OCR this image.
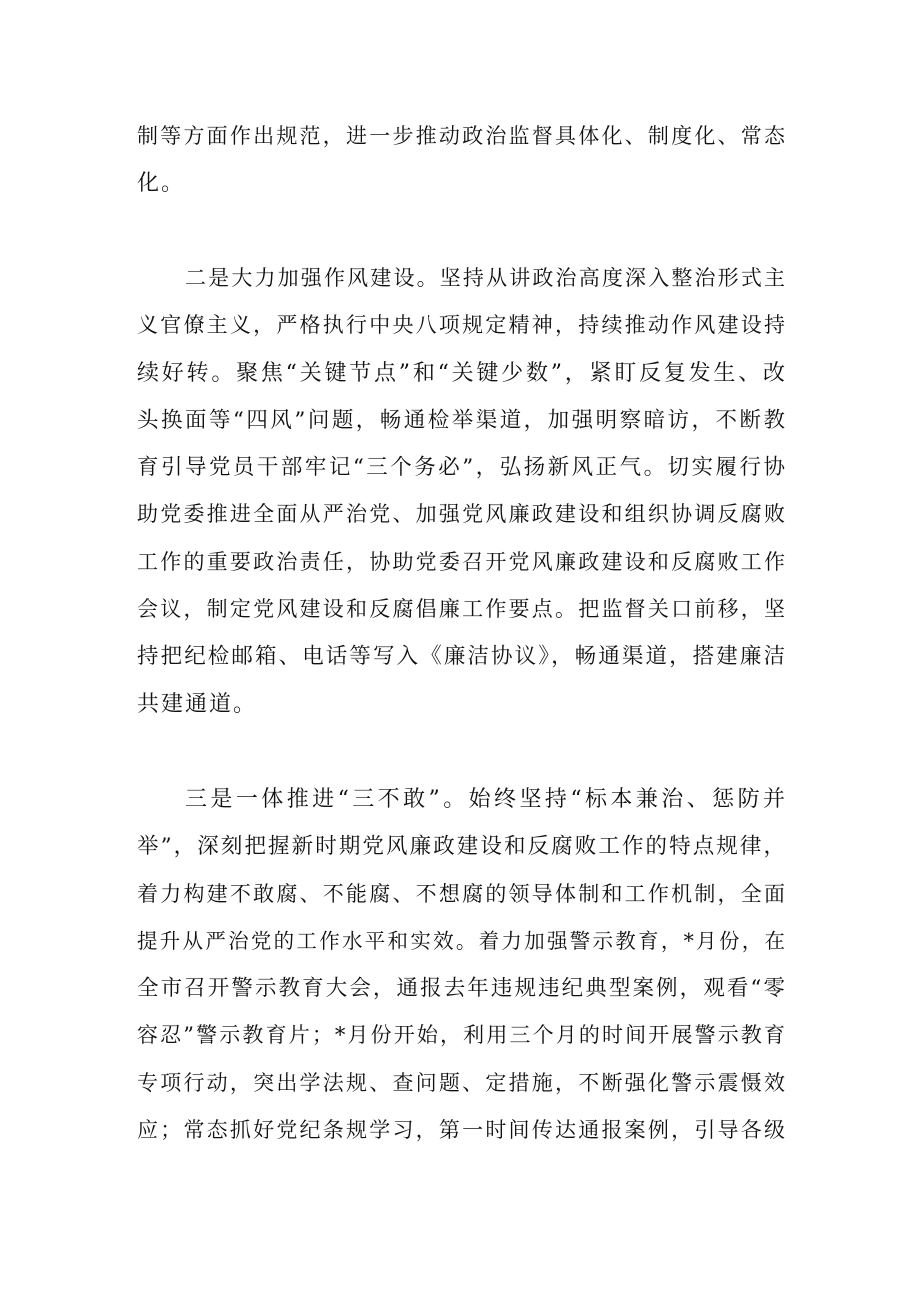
制等方面作出规范，进一步推动政治监督具体化、制度化、常态
化。
二是大力加强作风建设。坚持从讲政治高度深入整治形式主
义官僚主义，严格执行中央八项规定精神，持续推动作风建设持
续好转。聚焦“关键节点”和“关键少数”，紧盯反复发生、改
头换面等“四风”问题，畅通检举渠道，加强明察暗访，不断教
育引导党员干部牢记“三个务必”，弘扬新风正气。切实履行协
助党委推进全面从严治党、加强党风廉政建设和组织协调反腐败
工作的重要政治责任，协助党委召开党风廉政建设和反腐败工作
会议，制定党风建设和反腐倡廉工作要点。把监督关口前移，坚
持把纪检邮箱、电话等写入《廉洁协议》，畅通渠道，搭建廉洁
共建通道。
三是一体推进“三不敢”。始终坚持“标本兼治、惩防并
举”，深刻把握新时期党风廉政建设和反腐败工作的特点规律，
着力构建不敢腐、不能腐、不想腐的领导体制和工作机制，全面
提升从严治党的工作水平和实效。着力加强警示教育，*月份，在
全市召开警示教育大会，通报去年违规违纪典型案例，观看“零
容忍”警示教育片；*月份开始，利用三个月的时间开展警示教育
专项行动，突出学法规、查问题、定措施，不断强化警示震慑效
应；常态抓好党纪条规学习，第一时间传达通报案例，引导各级
